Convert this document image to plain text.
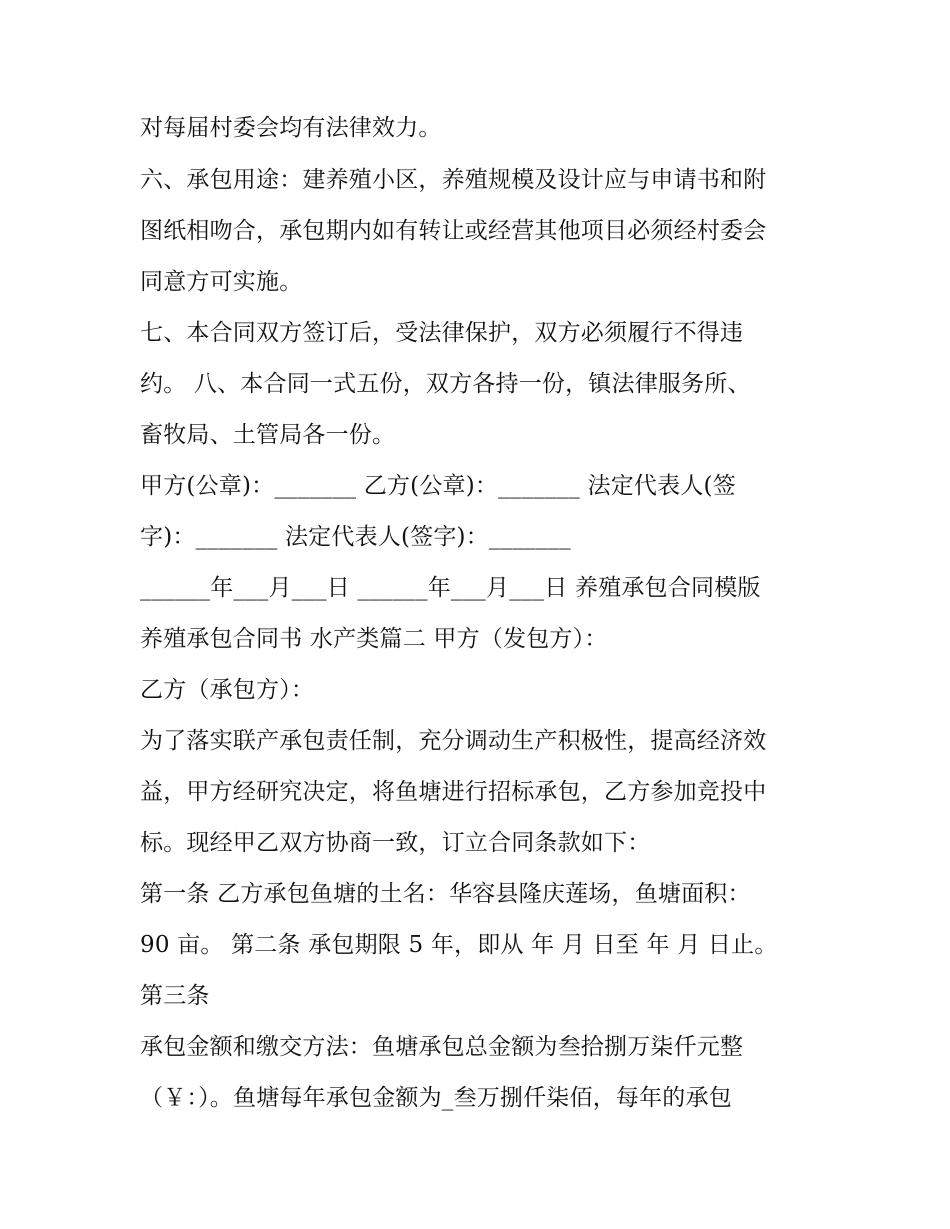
对每届村委会均有法律效力。
六、承包用途：建养殖小区，养殖规模及设计应与申请书和附
图纸相吻合，承包期内如有转让或经营其他项目必须经村委会
同意方可实施。
七、本合同双方签订后，受法律保护，双方必须履行不得违
约。 八、本合同一式五份，双方各持一份，镇法律服务所、
畜牧局、土管局各一份。
甲方(公章)：_______ 乙方(公章)：_______ 法定代表人(签
字)：_______ 法定代表人(签字)：_______
______年___月___日 ______年___月___日 养殖承包合同模版
养殖承包合同书 水产类篇二 甲方（发包方）：
乙方（承包方）：
为了落实联产承包责任制，充分调动生产积极性，提高经济效
益，甲方经研究决定，将鱼塘进行招标承包，乙方参加竞投中
标。现经甲乙双方协商一致，订立合同条款如下：
第一条 乙方承包鱼塘的土名：华容县隆庆莲场，鱼塘面积：
90 亩。 第二条 承包期限 5 年，即从 年 月 日至 年 月 日止。
第三条
承包金额和缴交方法：鱼塘承包总金额为叁拾捌万柒仟元整
（￥：）。鱼塘每年承包金额为_叁万捌仟柒佰，每年的承包
